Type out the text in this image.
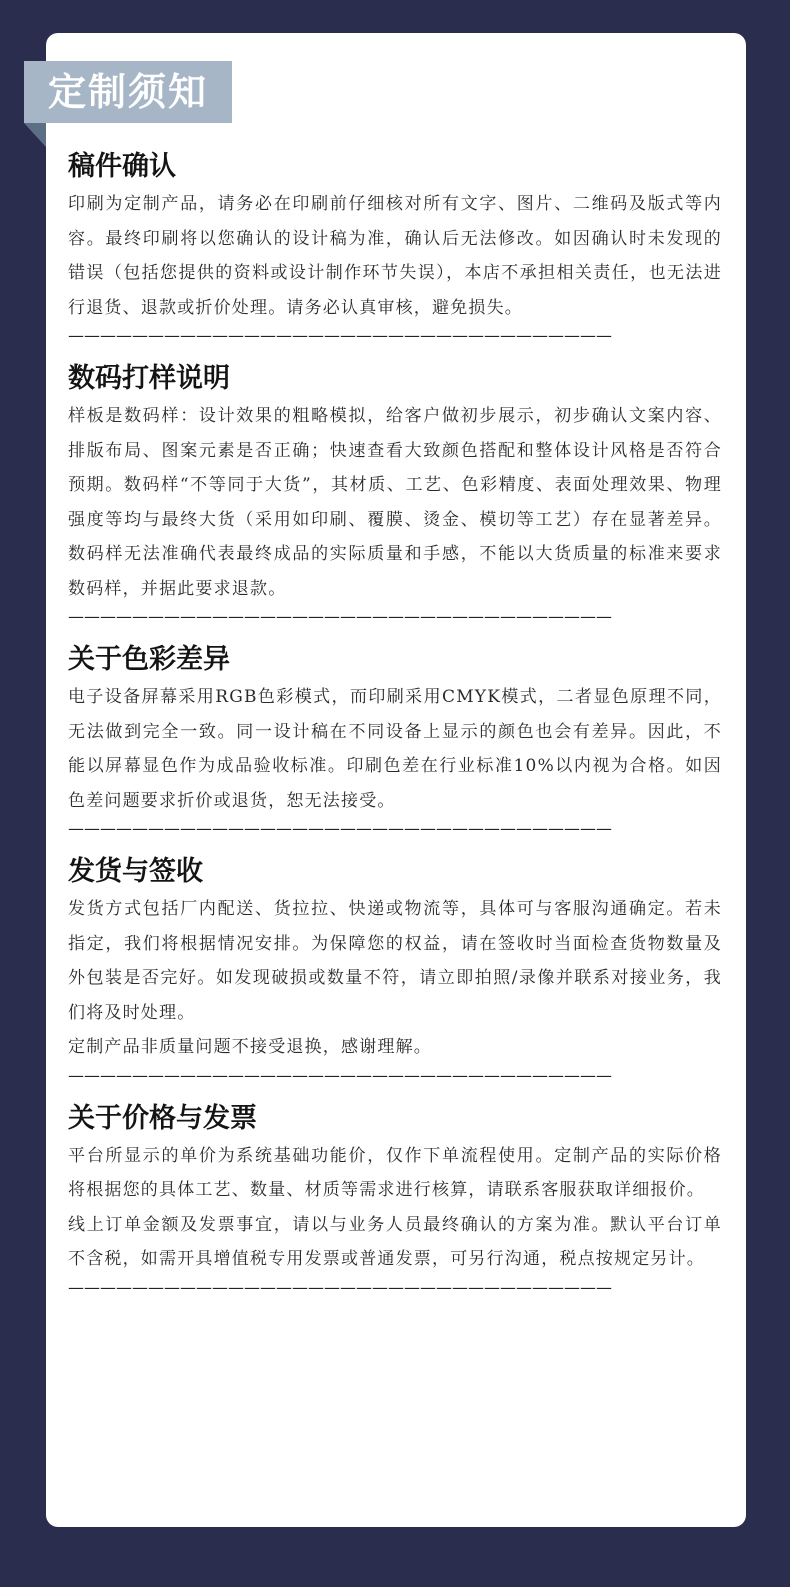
定制须知
稿件确认

印刷为定制产品，请务必在印刷前仔细核对所有文字、图片、二维码及版式等内容。最终印刷将以您确认的设计稿为准，确认后无法修改。如因确认时未发现的错误（包括您提供的资料或设计制作环节失误），本店不承担相关责任，也无法进行退货、退款或折价处理。请务必认真审核，避免损失。

——————————————————————————————————
数码打样说明

样板是数码样：设计效果的粗略模拟，给客户做初步展示，初步确认文案内容、排版布局、图案元素是否正确；快速查看大致颜色搭配和整体设计风格是否符合预期。数码样“不等同于大货”，其材质、工艺、色彩精度、表面处理效果、物理强度等均与最终大货（采用如印刷、覆膜、烫金、模切等工艺）存在显著差异。数码样无法准确代表最终成品的实际质量和手感，不能以大货质量的标准来要求数码样，并据此要求退款。

——————————————————————————————————
关于色彩差异

电子设备屏幕采用RGB色彩模式，而印刷采用CMYK模式，二者显色原理不同，无法做到完全一致。同一设计稿在不同设备上显示的颜色也会有差异。因此，不能以屏幕显色作为成品验收标准。印刷色差在行业标准10%以内视为合格。如因色差问题要求折价或退货，恕无法接受。

——————————————————————————————————
发货与签收

发货方式包括厂内配送、货拉拉、快递或物流等，具体可与客服沟通确定。若未指定，我们将根据情况安排。为保障您的权益，请在签收时当面检查货物数量及外包装是否完好。如发现破损或数量不符，请立即拍照/录像并联系对接业务，我们将及时处理。

定制产品非质量问题不接受退换，感谢理解。

——————————————————————————————————
关于价格与发票

平台所显示的单价为系统基础功能价，仅作下单流程使用。定制产品的实际价格将根据您的具体工艺、数量、材质等需求进行核算，请联系客服获取详细报价。

线上订单金额及发票事宜，请以与业务人员最终确认的方案为准。默认平台订单不含税，如需开具增值税专用发票或普通发票，可另行沟通，税点按规定另计。

——————————————————————————————————
